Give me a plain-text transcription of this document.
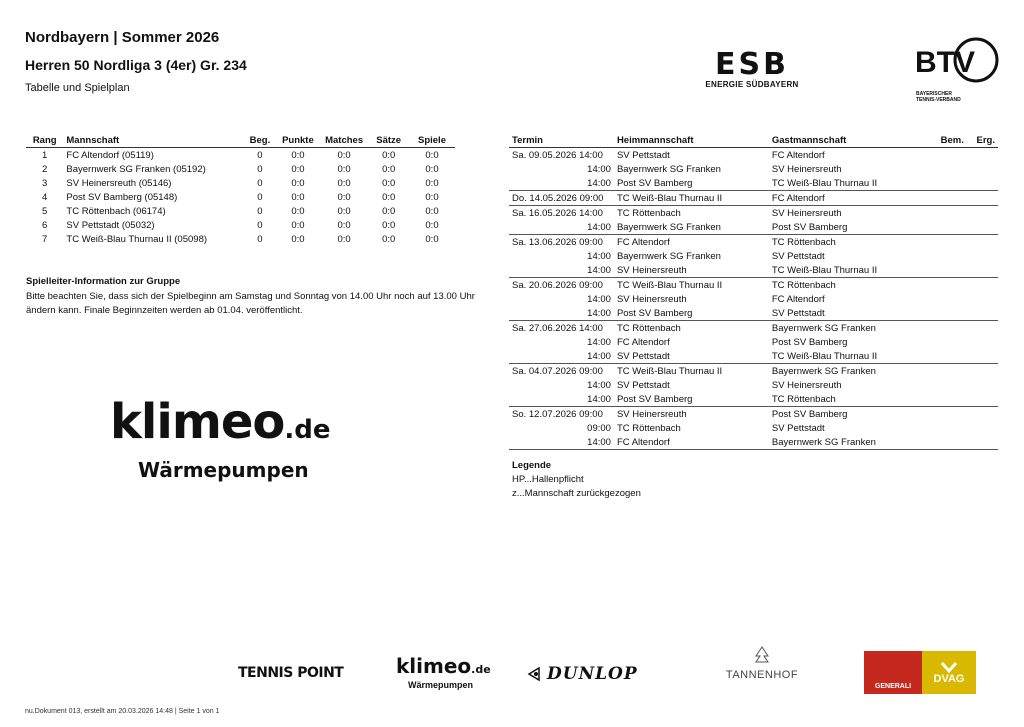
Nordbayern | Sommer 2026
Herren 50 Nordliga 3 (4er) Gr. 234
Tabelle und Spielplan
ESB
ENERGIE SÜDBAYERN
BTV
BAYERISCHER
TENNIS-VERBAND
Rang	Mannschaft	Beg.	Punkte	Matches	Sätze	Spiele
1	FC Altendorf (05119)	0	0:0	0:0	0:0	0:0
2	Bayernwerk SG Franken (05192)	0	0:0	0:0	0:0	0:0
3	SV Heinersreuth (05146)	0	0:0	0:0	0:0	0:0
4	Post SV Bamberg (05148)	0	0:0	0:0	0:0	0:0
5	TC Röttenbach (06174)	0	0:0	0:0	0:0	0:0
6	SV Pettstadt (05032)	0	0:0	0:0	0:0	0:0
7	TC Weiß-Blau Thurnau II (05098)	0	0:0	0:0	0:0	0:0
Spielleiter-Information zur Gruppe
Bitte beachten Sie, dass sich der Spielbeginn am Samstag und Sonntag von 14.00 Uhr noch auf 13.00 Uhr
ändern kann. Finale Beginnzeiten werden ab 01.04. veröffentlicht.
klimeo.de
Wärmepumpen
Termin	Heimmannschaft	Gastmannschaft	Bem.	Erg.
Sa. 09.05.2026 14:00	SV Pettstadt	FC Altendorf		
14:00	Bayernwerk SG Franken	SV Heinersreuth		
14:00	Post SV Bamberg	TC Weiß-Blau Thurnau II		
Do. 14.05.2026 09:00	TC Weiß-Blau Thurnau II	FC Altendorf		
Sa. 16.05.2026 14:00	TC Röttenbach	SV Heinersreuth		
14:00	Bayernwerk SG Franken	Post SV Bamberg		
Sa. 13.06.2026 09:00	FC Altendorf	TC Röttenbach		
14:00	Bayernwerk SG Franken	SV Pettstadt		
14:00	SV Heinersreuth	TC Weiß-Blau Thurnau II		
Sa. 20.06.2026 09:00	TC Weiß-Blau Thurnau II	TC Röttenbach		
14:00	SV Heinersreuth	FC Altendorf		
14:00	Post SV Bamberg	SV Pettstadt		
Sa. 27.06.2026 14:00	TC Röttenbach	Bayernwerk SG Franken		
14:00	FC Altendorf	Post SV Bamberg		
14:00	SV Pettstadt	TC Weiß-Blau Thurnau II		
Sa. 04.07.2026 09:00	TC Weiß-Blau Thurnau II	Bayernwerk SG Franken		
14:00	SV Pettstadt	SV Heinersreuth		
14:00	Post SV Bamberg	TC Röttenbach		
So. 12.07.2026 09:00	SV Heinersreuth	Post SV Bamberg		
09:00	TC Röttenbach	SV Pettstadt		
14:00	FC Altendorf	Bayernwerk SG Franken		
Legende
HP...Hallenpflicht
z...Mannschaft zurückgezogen
TENNIS POINT	klimeo.de
Wärmepumpen
DUNLOP	TANNENHOF
GENERALI
DVAG
nu.Dokument 013, erstellt am 20.03.2026 14:48 | Seite 1 von 1
